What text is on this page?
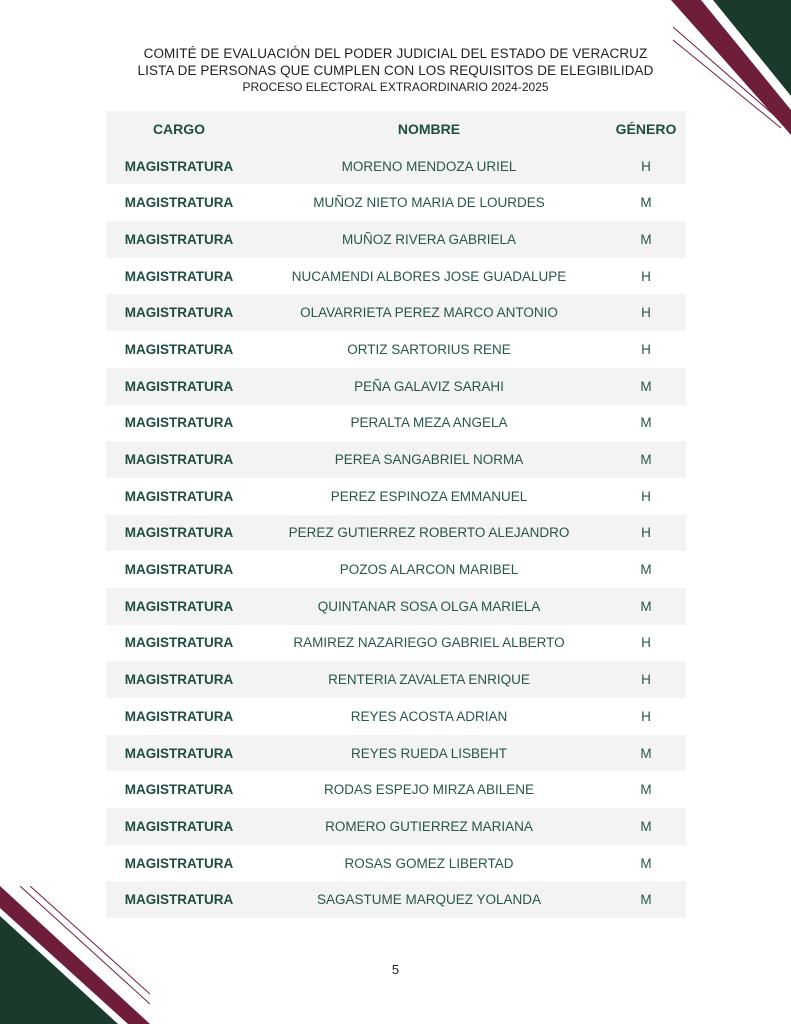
COMITÉ DE EVALUACIÓN DEL PODER JUDICIAL DEL ESTADO DE VERACRUZ
LISTA DE PERSONAS QUE CUMPLEN CON LOS REQUISITOS DE ELEGIBILIDAD
PROCESO ELECTORAL EXTRAORDINARIO 2024-2025
CARGO	NOMBRE	GÉNERO
MAGISTRATURA	MORENO MENDOZA URIEL	H
MAGISTRATURA	MUÑOZ NIETO MARIA DE LOURDES	M
MAGISTRATURA	MUÑOZ RIVERA GABRIELA	M
MAGISTRATURA	NUCAMENDI ALBORES JOSE GUADALUPE	H
MAGISTRATURA	OLAVARRIETA PEREZ MARCO ANTONIO	H
MAGISTRATURA	ORTIZ SARTORIUS RENE	H
MAGISTRATURA	PEÑA GALAVIZ SARAHI	M
MAGISTRATURA	PERALTA MEZA ANGELA	M
MAGISTRATURA	PEREA SANGABRIEL NORMA	M
MAGISTRATURA	PEREZ ESPINOZA EMMANUEL	H
MAGISTRATURA	PEREZ GUTIERREZ ROBERTO ALEJANDRO	H
MAGISTRATURA	POZOS ALARCON MARIBEL	M
MAGISTRATURA	QUINTANAR SOSA OLGA MARIELA	M
MAGISTRATURA	RAMIREZ NAZARIEGO GABRIEL ALBERTO	H
MAGISTRATURA	RENTERIA ZAVALETA ENRIQUE	H
MAGISTRATURA	REYES ACOSTA ADRIAN	H
MAGISTRATURA	REYES RUEDA LISBEHT	M
MAGISTRATURA	RODAS ESPEJO MIRZA ABILENE	M
MAGISTRATURA	ROMERO GUTIERREZ MARIANA	M
MAGISTRATURA	ROSAS GOMEZ LIBERTAD	M
MAGISTRATURA	SAGASTUME MARQUEZ YOLANDA	M
5
